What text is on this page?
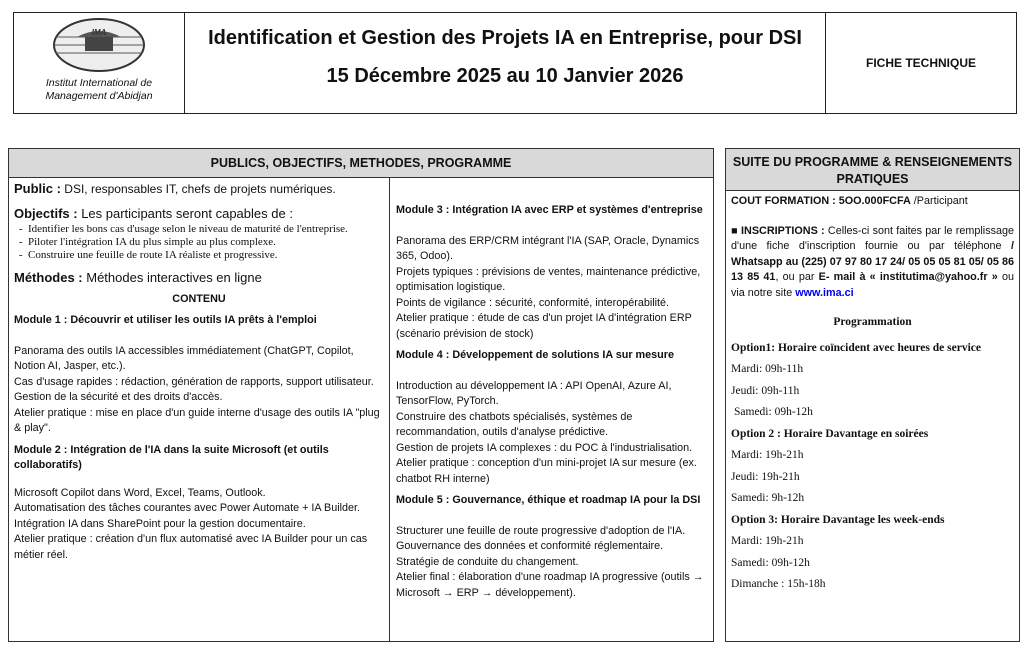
IMA
Institut International de Management d'Abidjan
Identification et Gestion des Projets IA en Entreprise, pour DSI
15 Décembre 2025 au 10 Janvier 2026
FICHE TECHNIQUE
PUBLICS, OBJECTIFS, METHODES, PROGRAMME

Public : DSI, responsables IT, chefs de projets numériques.

Objectifs : Les participants seront capables de :

- Identifier les bons cas d'usage selon le niveau de maturité de l'entreprise.
- Piloter l'intégration IA du plus simple au plus complexe.
- Construire une feuille de route IA réaliste et progressive.

Méthodes : Méthodes interactives en ligne

CONTENU

Module 1 : Découvrir et utiliser les outils IA prêts à l'emploi

Panorama des outils IA accessibles immédiatement (ChatGPT, Copilot, Notion AI, Jasper, etc.).

Cas d'usage rapides : rédaction, génération de rapports, support utilisateur.

Gestion de la sécurité et des droits d'accès.

Atelier pratique : mise en place d'un guide interne d'usage des outils IA "plug & play".

Module 2 : Intégration de l'IA dans la suite Microsoft (et outils collaboratifs)

Microsoft Copilot dans Word, Excel, Teams, Outlook.

Automatisation des tâches courantes avec Power Automate + IA Builder.

Intégration IA dans SharePoint pour la gestion documentaire.

Atelier pratique : création d'un flux automatisé avec IA Builder pour un cas métier réel.

Module 3 : Intégration IA avec ERP et systèmes d'entreprise

Panorama des ERP/CRM intégrant l'IA (SAP, Oracle, Dynamics 365, Odoo).

Projets typiques : prévisions de ventes, maintenance prédictive, optimisation logistique.

Points de vigilance : sécurité, conformité, interopérabilité.

Atelier pratique : étude de cas d'un projet IA d'intégration ERP (scénario prévision de stock)

Module 4 : Développement de solutions IA sur mesure

Introduction au développement IA : API OpenAI, Azure AI, TensorFlow, PyTorch.

Construire des chatbots spécialisés, systèmes de recommandation, outils d'analyse prédictive.

Gestion de projets IA complexes : du POC à l'industrialisation.

Atelier pratique : conception d'un mini-projet IA sur mesure (ex. chatbot RH interne)

Module 5 : Gouvernance, éthique et roadmap IA pour la DSI

Structurer une feuille de route progressive d'adoption de l'IA.

Gouvernance des données et conformité réglementaire.

Stratégie de conduite du changement.

Atelier final : élaboration d'une roadmap IA progressive (outils → Microsoft → ERP → développement).

SUITE DU PROGRAMME & RENSEIGNEMENTS PRATIQUES

COUT FORMATION : 5OO.000FCFA /Participant

■ INSCRIPTIONS : Celles-ci sont faites par le remplissage d'une fiche d'inscription fournie ou par téléphone / Whatsapp au (225) 07 97 80 17 24/ 05 05 05 81 05/ 05 86 13 85 41, ou par E- mail à « institutima@yahoo.fr » ou via notre site www.ima.ci

Programmation

Option1: Horaire coïncident avec heures de service

Mardi: 09h-11h

Jeudi: 09h-11h

Samedi: 09h-12h

Option 2 : Horaire Davantage en soirées

Mardi: 19h-21h

Jeudi: 19h-21h

Samedi: 9h-12h

Option 3: Horaire Davantage les week-ends

Mardi: 19h-21h

Samedi: 09h-12h

Dimanche : 15h-18h
